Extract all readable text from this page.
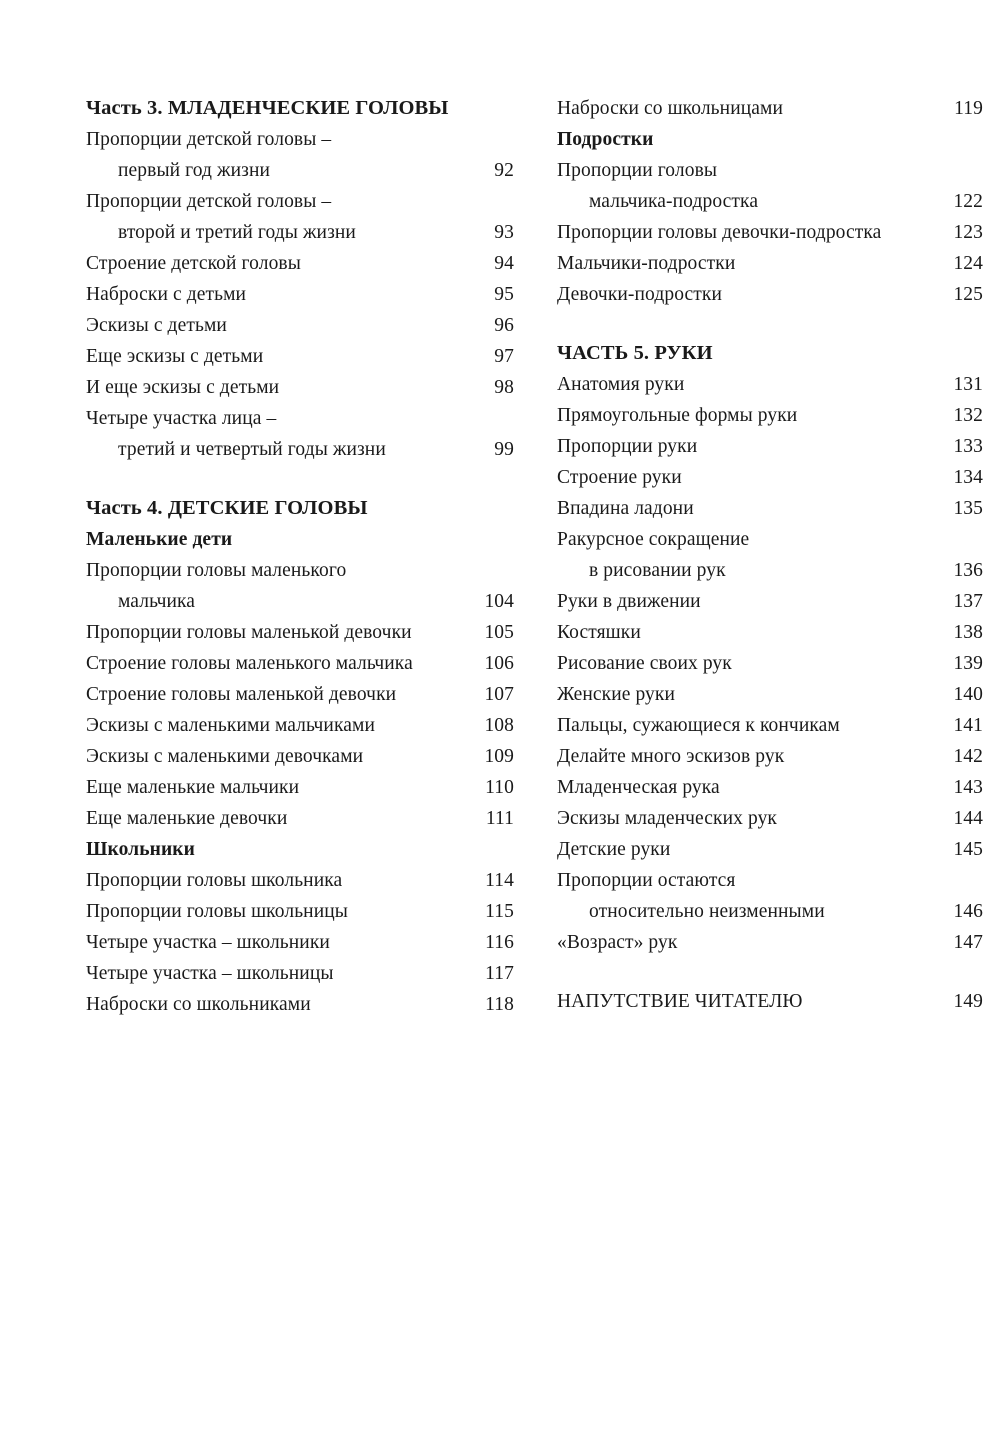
Часть 3. МЛАДЕНЧЕСКИЕ ГОЛОВЫ
Пропорции детской головы –
первый год жизни	92
Пропорции детской головы –
второй и третий годы жизни	93
Строение детской головы	94
Наброски с детьми	95
Эскизы с детьми	96
Еще эскизы с детьми	97
И еще эскизы с детьми	98
Четыре участка лица –
третий и четвертый годы жизни	99
Часть 4. ДЕТСКИЕ ГОЛОВЫ
Маленькие дети
Пропорции головы маленького
мальчика	104
Пропорции головы маленькой девочки	105
Строение головы маленького мальчика	106
Строение головы маленькой девочки	107
Эскизы с маленькими мальчиками	108
Эскизы с маленькими девочками	109
Еще маленькие мальчики	110
Еще маленькие девочки	111
Школьники
Пропорции головы школьника	114
Пропорции головы школьницы	115
Четыре участка – школьники	116
Четыре участка – школьницы	117
Наброски со школьниками	118
Наброски со школьницами	119
Подростки
Пропорции головы
мальчика-подростка	122
Пропорции головы девочки-подростка	123
Мальчики-подростки	124
Девочки-подростки	125
ЧАСТЬ 5. РУКИ
Анатомия руки	131
Прямоугольные формы руки	132
Пропорции руки	133
Строение руки	134
Впадина ладони	135
Ракурсное сокращение
в рисовании рук	136
Руки в движении	137
Костяшки	138
Рисование своих рук	139
Женские руки	140
Пальцы, сужающиеся к кончикам	141
Делайте много эскизов рук	142
Младенческая рука	143
Эскизы младенческих рук	144
Детские руки	145
Пропорции остаются
относительно неизменными	146
«Возраст» рук	147
НАПУТСТВИЕ ЧИТАТЕЛЮ	149
